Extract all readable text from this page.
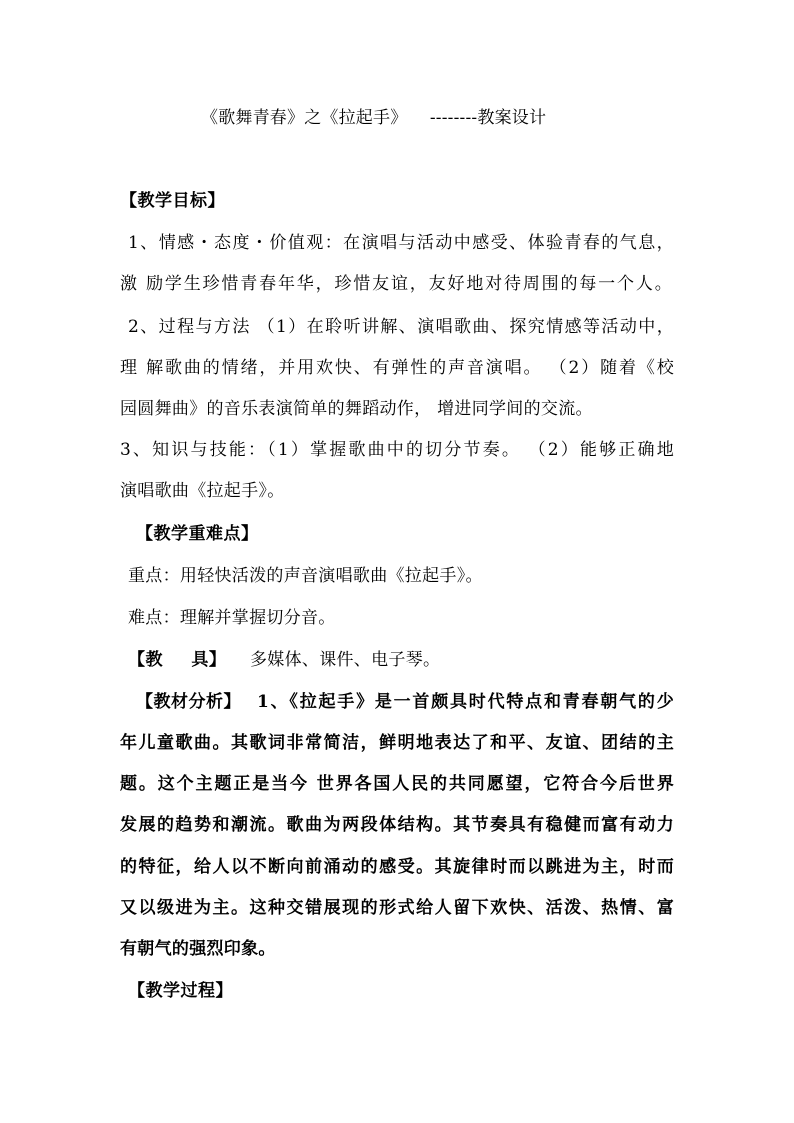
《歌舞青春》之《拉起手》    --------教案设计
【教学目标】
1、情感・态度・价值观：在演唱与活动中感受、体验青春的气息，
激 励学生珍惜青春年华，珍惜友谊，友好地对待周围的每一个人。
2、过程与方法 （1）在聆听讲解、演唱歌曲、探究情感等活动中，
理 解歌曲的情绪，并用欢快、有弹性的声音演唱。 （2）随着《校
园圆舞曲》的音乐表演简单的舞蹈动作， 增进同学间的交流。
3、知识与技能：（1）掌握歌曲中的切分节奏。 （2）能够正确地
演唱歌曲《拉起手》。
【教学重难点】
重点：用轻快活泼的声音演唱歌曲《拉起手》。
难点：理解并掌握切分音。
【教 具】 多媒体、课件、电子琴。
【教材分析】 1、《拉起手》是一首颇具时代特点和青春朝气的少
年儿童歌曲。其歌词非常简洁，鲜明地表达了和平、友谊、团结的主
题。这个主题正是当今 世界各国人民的共同愿望，它符合今后世界
发展的趋势和潮流。歌曲为两段体结构。其节奏具有稳健而富有动力
的特征，给人以不断向前涌动的感受。其旋律时而以跳进为主，时而
又以级进为主。这种交错展现的形式给人留下欢快、活泼、热情、富
有朝气的强烈印象。
【教学过程】
